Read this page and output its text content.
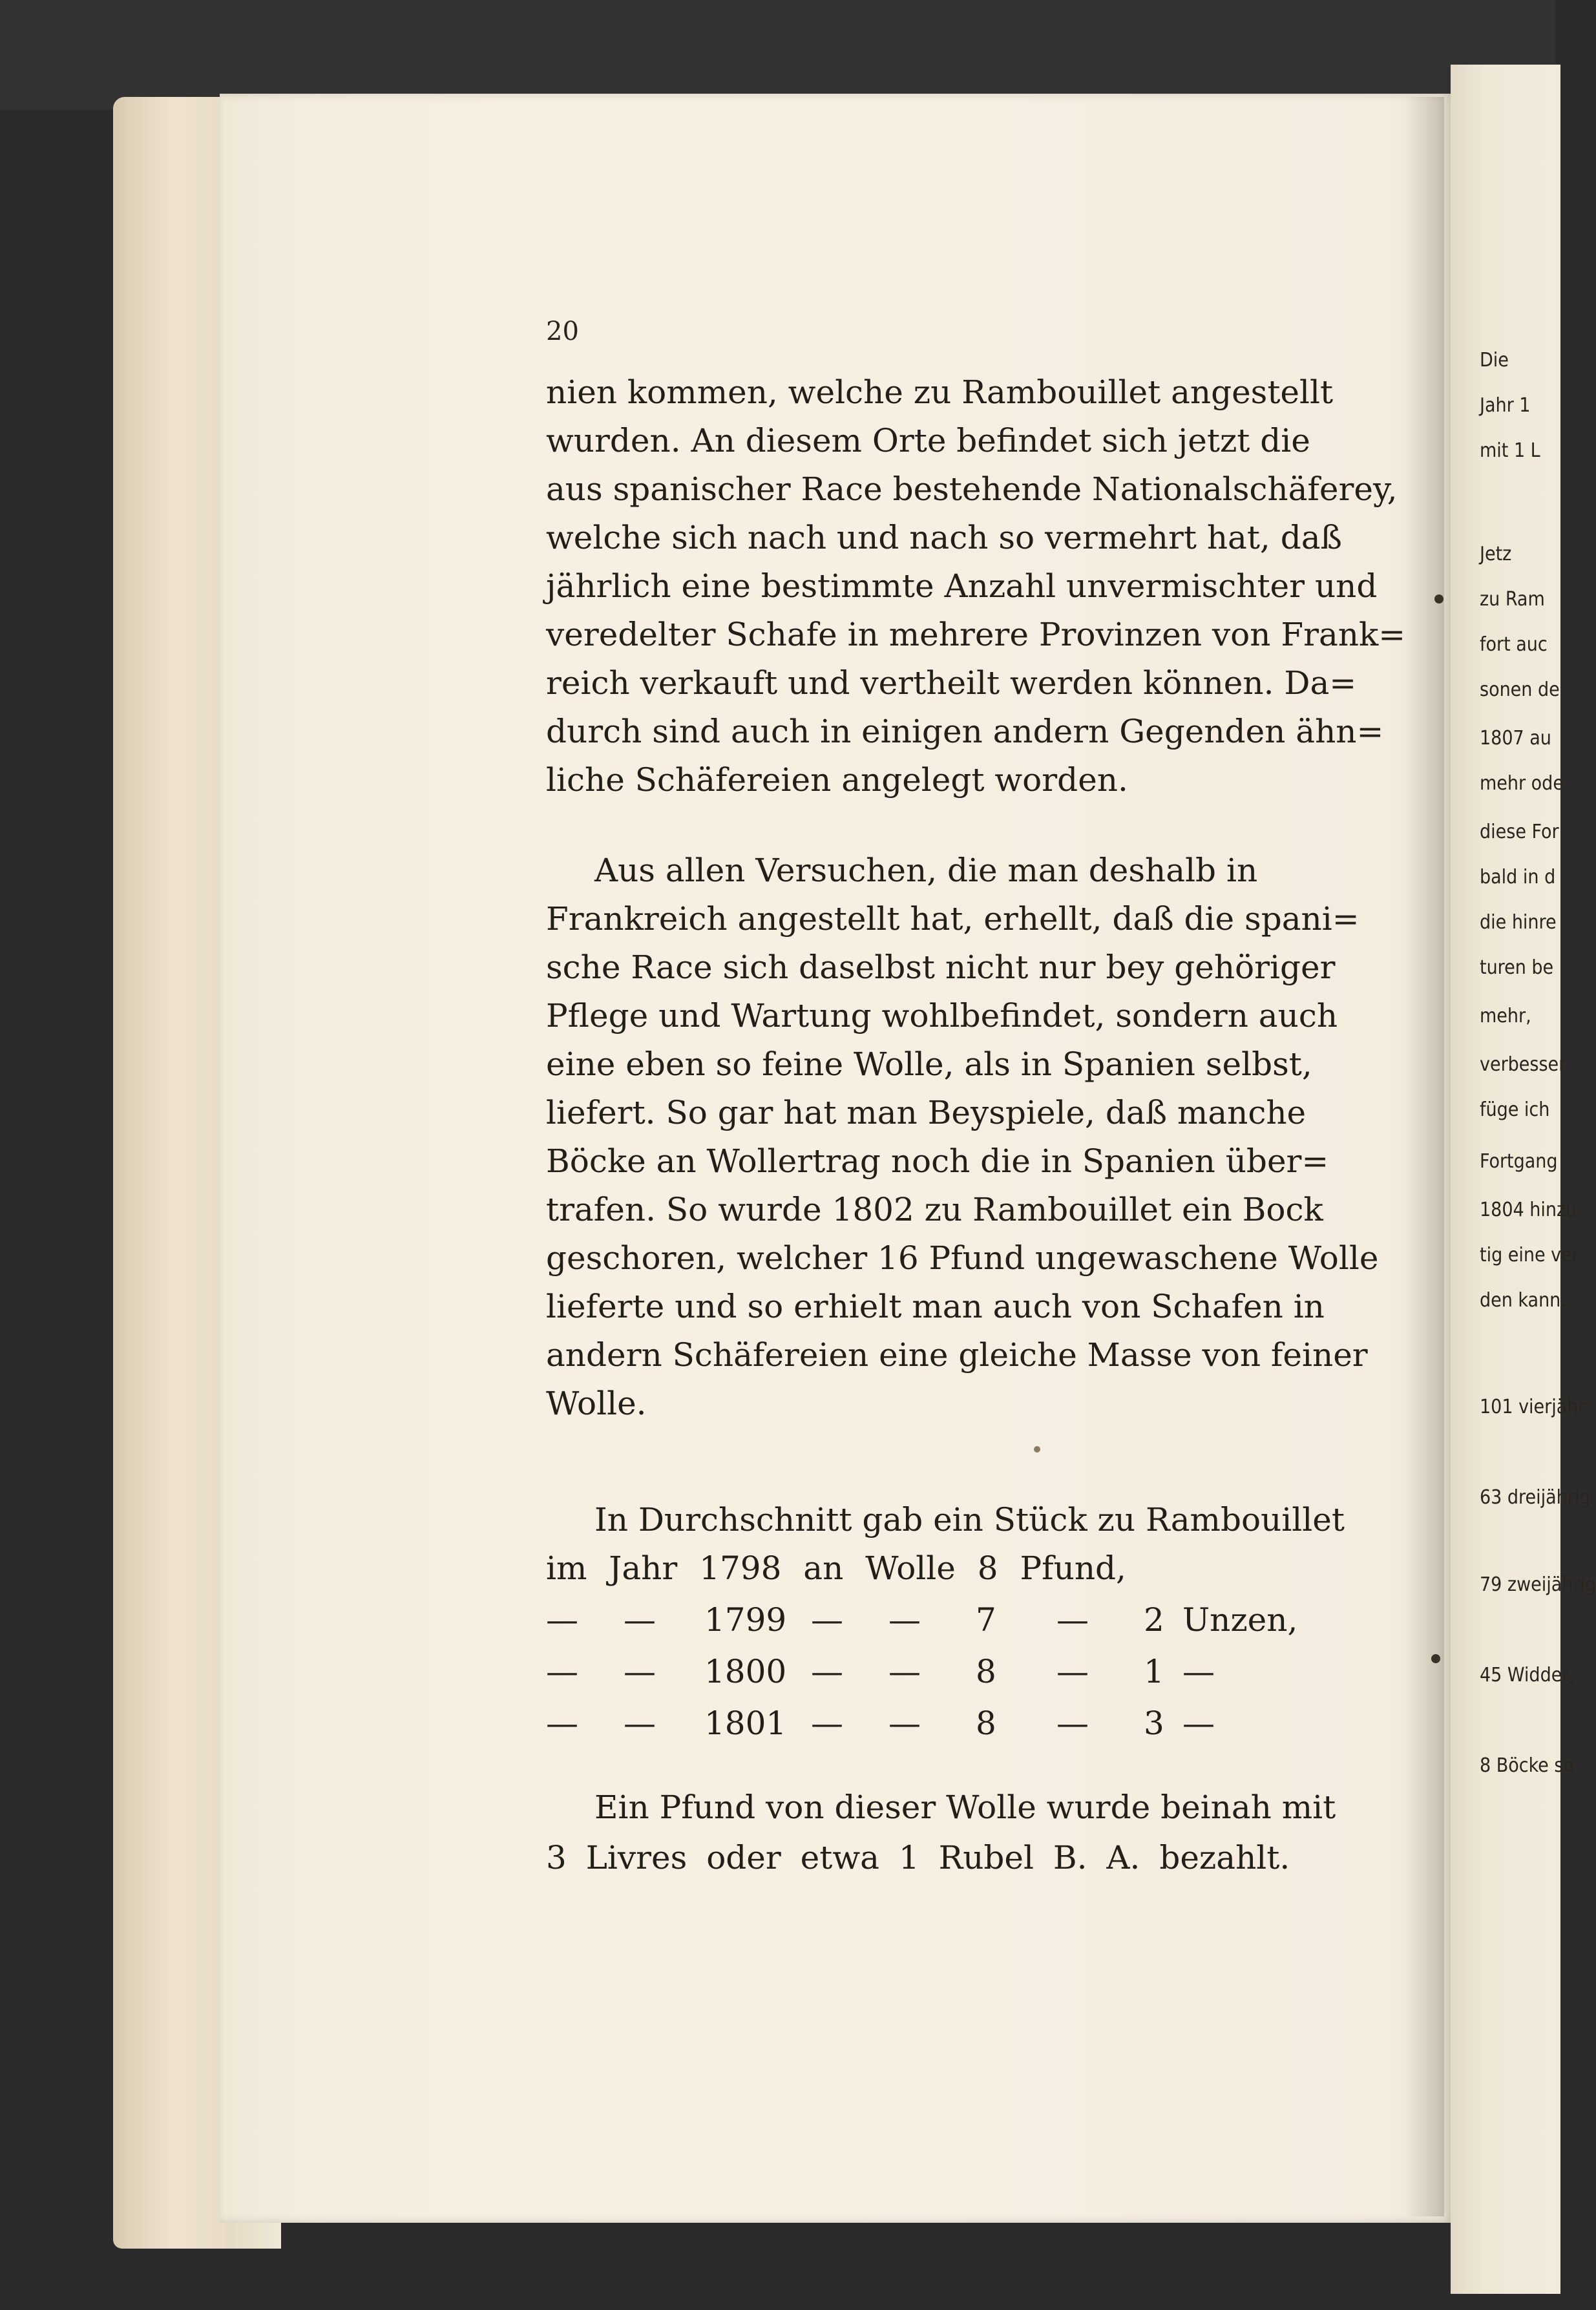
20
nien kommen, welche zu Rambouillet angestellt
wurden. An diesem Orte befindet sich jetzt die
aus spanischer Race bestehende Nationalschäferey,
welche sich nach und nach so vermehrt hat, daß
jährlich eine bestimmte Anzahl unvermischter und
veredelter Schafe in mehrere Provinzen von Frank=
reich verkauft und vertheilt werden können. Da=
durch sind auch in einigen andern Gegenden ähn=
liche Schäfereien angelegt worden.
Aus allen Versuchen, die man deshalb in
Frankreich angestellt hat, erhellt, daß die spani=
sche Race sich daselbst nicht nur bey gehöriger
Pflege und Wartung wohlbefindet, sondern auch
eine eben so feine Wolle, als in Spanien selbst,
liefert. So gar hat man Beyspiele, daß manche
Böcke an Wollertrag noch die in Spanien über=
trafen. So wurde 1802 zu Rambouillet ein Bock
geschoren, welcher 16 Pfund ungewaschene Wolle
lieferte und so erhielt man auch von Schafen in
andern Schäfereien eine gleiche Masse von feiner
Wolle.
In Durchschnitt gab ein Stück zu Rambouillet
im Jahr 1798 an Wolle 8 Pfund,
— — 1799 — — 7 — 2 Unzen,
— — 1800 — — 8 — 1 —
— — 1801 — — 8 — 3 —
Ein Pfund von dieser Wolle wurde beinah mit
3 Livres oder etwa 1 Rubel B. A. bezahlt.
Die
Jahr 1
mit 1 L
Jetz
zu Ram
fort auc
sonen de
1807 au
mehr ode
diese For
bald in d
die hinre
turen be
mehr,
verbesser
füge ich
Fortgang
1804 hinzu
tig eine ver
den kann.
101 vierjähr
63 dreijährig
79 zweijährig
45 Widder,
8 Böcke so
